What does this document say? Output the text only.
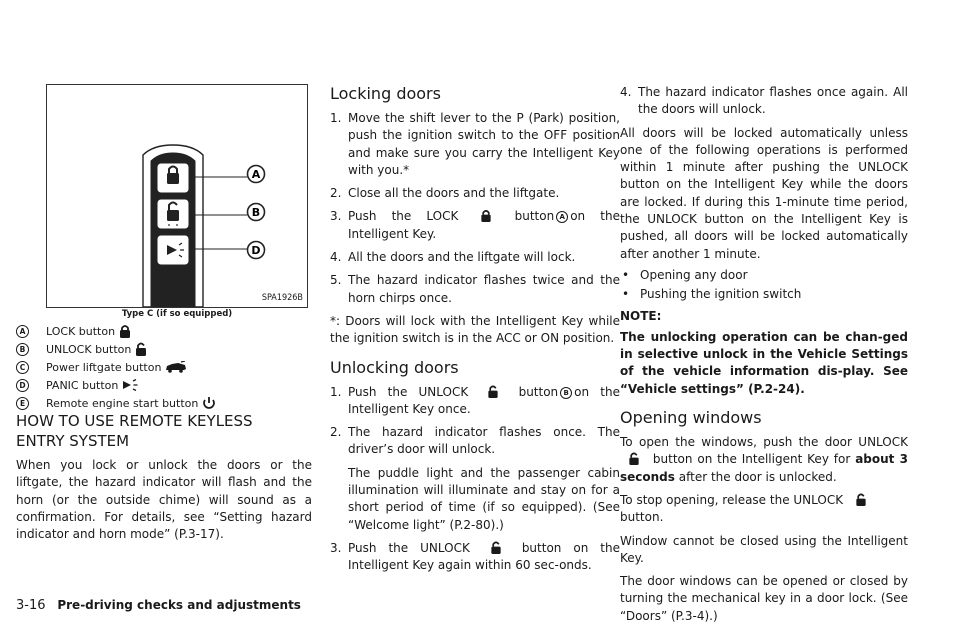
A
B
D
SPA1926B
Type C (if so equipped)
A	LOCK button
B	UNLOCK button
C	Power liftgate button
D	PANIC button
E	Remote engine start button
HOW TO USE REMOTE KEYLESS
ENTRY SYSTEM

When you lock or unlock the doors or the liftgate, the hazard indicator will flash and the horn (or the outside chime) will sound as a confirmation. For details, see “Setting hazard indicator and horn mode” (P.3-17).

Locking doors
1. Move the shift lever to the P (Park) position, push the ignition switch to the OFF position and make sure you carry the Intelligent Key with you.*
2. Close all the doors and the liftgate.
3. Push the LOCK	button A on the Intelligent Key.
4. All the doors and the liftgate will lock.
5. The hazard indicator flashes twice and the horn chirps once.

*: Doors will lock with the Intelligent Key while the ignition switch is in the ACC or ON position.

Unlocking doors
1. Push the UNLOCK	button B on the Intelligent Key once.
2. The hazard indicator flashes once. The driver’s door will unlock.
The puddle light and the passenger cabin illumination will illuminate and stay on for a short period of time (if so equipped). (See “Welcome light” (P.2-80).)
3. Push the UNLOCK	button on the Intelligent Key again within 60 sec-onds.
4. The hazard indicator flashes once again. All the doors will unlock.

All doors will be locked automatically unless one of the following operations is performed within 1 minute after pushing the UNLOCK button on the Intelligent Key while the doors are locked. If during this 1-minute time period, the UNLOCK button on the Intelligent Key is pushed, all doors will be locked automatically after another 1 minute.

• Opening any door
• Pushing the ignition switch

NOTE:

The unlocking operation can be chan-ged in selective unlock in the Vehicle Settings of the vehicle information dis-play. See “Vehicle settings” (P.2-24).

Opening windows

To open the windows, push the door UNLOCK  button on the Intelligent Key for about 3 seconds after the door is unlocked.

To stop opening, release the UNLOCK
button.

Window cannot be closed using the Intelligent Key.

The door windows can be opened or closed by turning the mechanical key in a door lock. (See “Doors” (P.3-4).)

3-16 Pre-driving checks and adjustments
